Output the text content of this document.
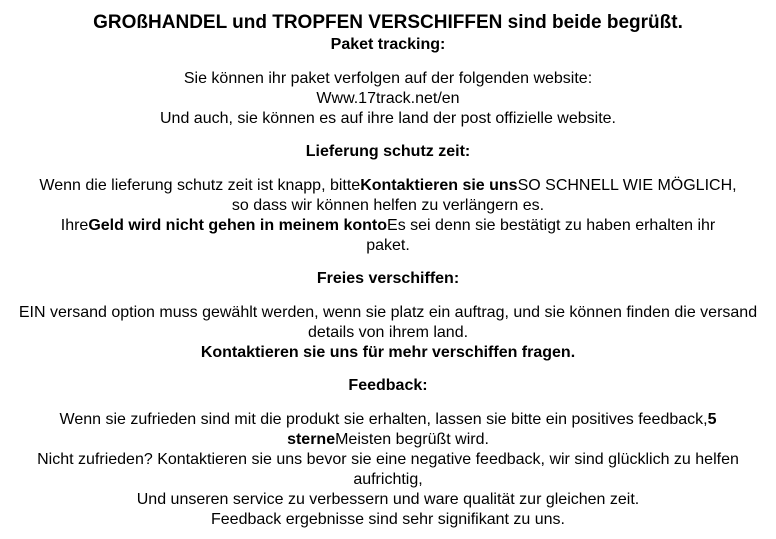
GROßHANDEL und TROPFEN VERSCHIFFEN sind beide begrüßt.
Paket tracking:
Sie können ihr paket verfolgen auf der folgenden website:
Www.17track.net/en
Und auch, sie können es auf ihre land der post offizielle website.
Lieferung schutz zeit:
Wenn die lieferung schutz zeit ist knapp, bitteKontaktieren sie unsSO SCHNELL WIE MÖGLICH, so dass wir können helfen zu verlängern es.
IhreGeld wird nicht gehen in meinem kontoEs sei denn sie bestätigt zu haben erhalten ihr paket.
Freies verschiffen:
EIN versand option muss gewählt werden, wenn sie platz ein auftrag, und sie können finden die versand details von ihrem land.
Kontaktieren sie uns für mehr verschiffen fragen.
Feedback:
Wenn sie zufrieden sind mit die produkt sie erhalten, lassen sie bitte ein positives feedback,5 sterneMeisten begrüßt wird.
Nicht zufrieden? Kontaktieren sie uns bevor sie eine negative feedback, wir sind glücklich zu helfen aufrichtig,
Und unseren service zu verbessern und ware qualität zur gleichen zeit.
Feedback ergebnisse sind sehr signifikant zu uns.
